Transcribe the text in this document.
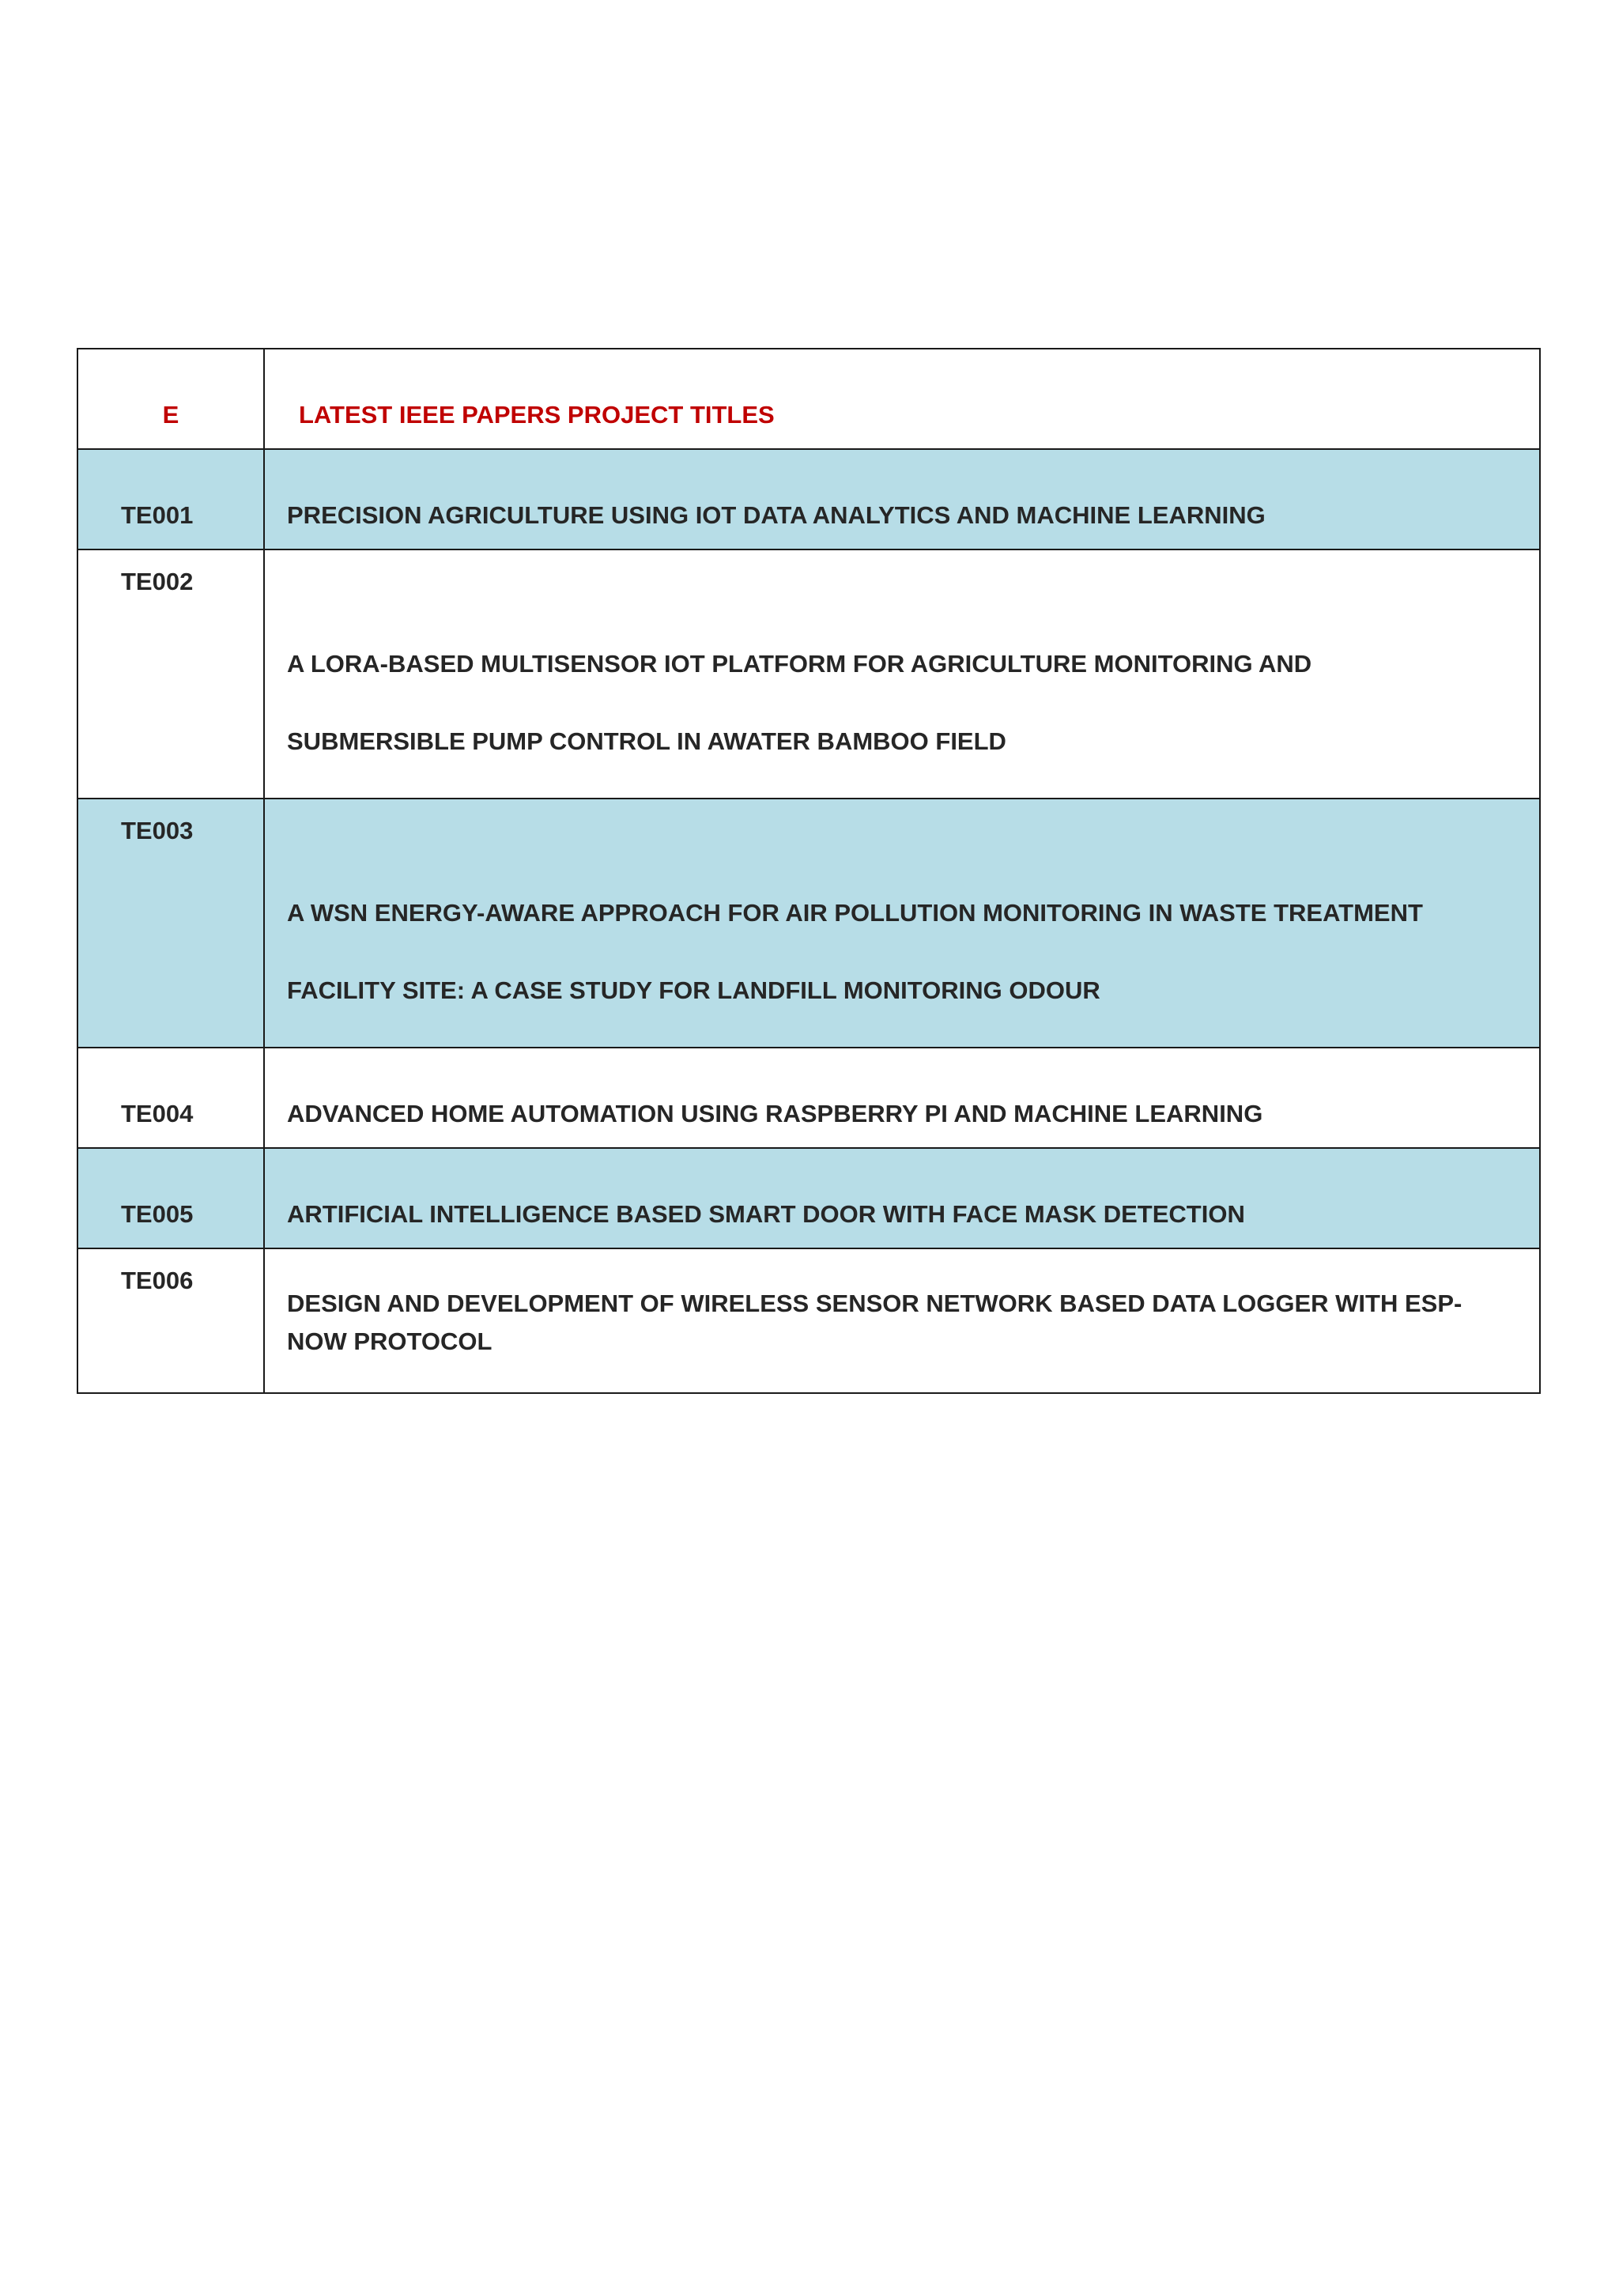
E	LATEST IEEE PAPERS PROJECT TITLES
TE001	PRECISION AGRICULTURE USING IOT DATA ANALYTICS AND MACHINE LEARNING

TE002	A LORA-BASED MULTISENSOR IOT PLATFORM FOR AGRICULTURE MONITORING AND
SUBMERSIBLE PUMP CONTROL IN AWATER BAMBOO FIELD

TE003	A WSN ENERGY-AWARE APPROACH FOR AIR POLLUTION MONITORING IN WASTE TREATMENT
FACILITY SITE: A CASE STUDY FOR LANDFILL MONITORING ODOUR

TE004	ADVANCED HOME AUTOMATION USING RASPBERRY PI AND MACHINE LEARNING

TE005	ARTIFICIAL INTELLIGENCE BASED SMART DOOR WITH FACE MASK DETECTION

TE006	DESIGN AND DEVELOPMENT OF WIRELESS SENSOR NETWORK BASED DATA LOGGER WITH ESP-
NOW PROTOCOL
